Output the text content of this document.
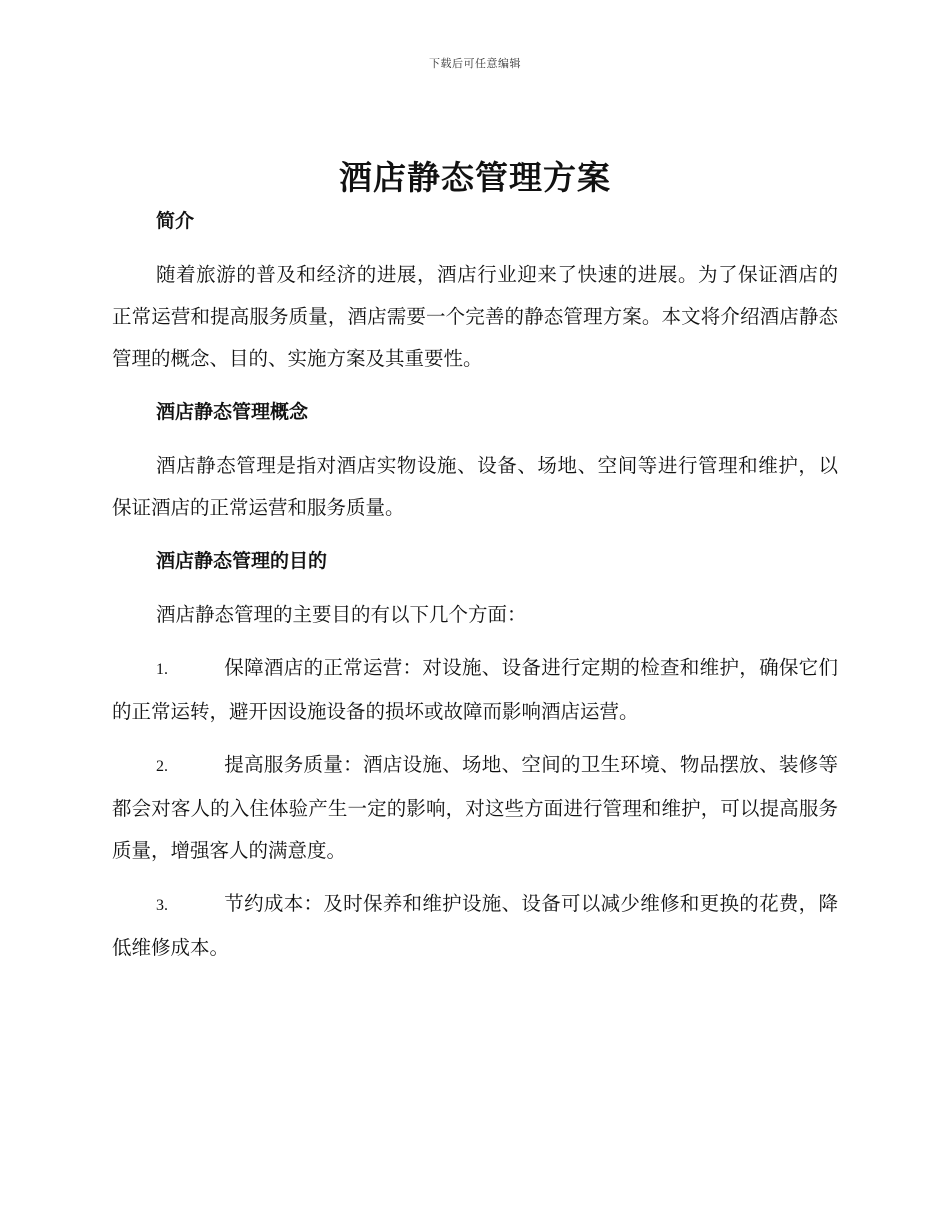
下载后可任意编辑
酒店静态管理方案
简介

随着旅游的普及和经济的进展，酒店行业迎来了快速的进展。为了保证酒店的正常运营和提高服务质量，酒店需要一个完善的静态管理方案。本文将介绍酒店静态管理的概念、目的、实施方案及其重要性。

酒店静态管理概念

酒店静态管理是指对酒店实物设施、设备、场地、空间等进行管理和维护，以保证酒店的正常运营和服务质量。

酒店静态管理的目的

酒店静态管理的主要目的有以下几个方面：

1.	保障酒店的正常运营：对设施、设备进行定期的检查和维护，确保它们的正常运转，避开因设施设备的损坏或故障而影响酒店运营。

2.	提高服务质量：酒店设施、场地、空间的卫生环境、物品摆放、装修等都会对客人的入住体验产生一定的影响，对这些方面进行管理和维护，可以提高服务质量，增强客人的满意度。

3.	节约成本：及时保养和维护设施、设备可以减少维修和更换的花费，降低维修成本。
